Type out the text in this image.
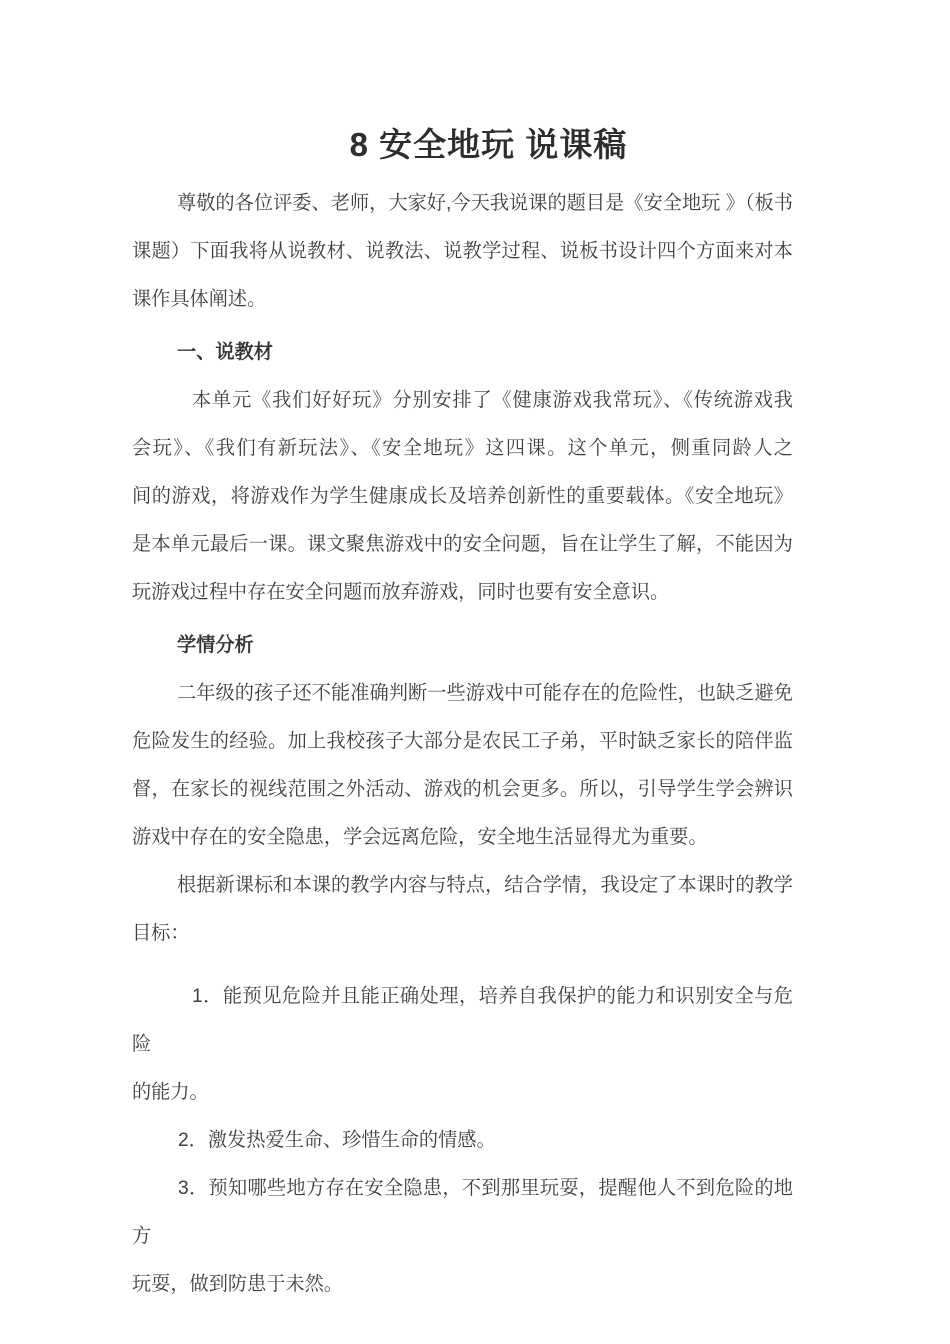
8 安全地玩 说课稿

尊敬的各位评委、老师，大家好,今天我说课的题目是《安全地玩 》（板书

课题）下面我将从说教材、说教法、说教学过程、说板书设计四个方面来对本

课作具体阐述。

一、说教材

本单元《我们好好玩》分别安排了《健康游戏我常玩》、《传统游戏我

会玩》、《我们有新玩法》、《安全地玩》这四课。这个单元，侧重同龄人之

间的游戏，将游戏作为学生健康成长及培养创新性的重要载体。《安全地玩》

是本单元最后一课。课文聚焦游戏中的安全问题，旨在让学生了解，不能因为

玩游戏过程中存在安全问题而放弃游戏，同时也要有安全意识。

学情分析

二年级的孩子还不能准确判断一些游戏中可能存在的危险性，也缺乏避免

危险发生的经验。加上我校孩子大部分是农民工子弟，平时缺乏家长的陪伴监

督，在家长的视线范围之外活动、游戏的机会更多。所以，引导学生学会辨识

游戏中存在的安全隐患，学会远离危险，安全地生活显得尤为重要。

根据新课标和本课的教学内容与特点，结合学情，我设定了本课时的教学

目标：

1．能预见危险并且能正确处理，培养自我保护的能力和识别安全与危险

的能力。

2．激发热爱生命、珍惜生命的情感。

3．预知哪些地方存在安全隐患，不到那里玩耍，提醒他人不到危险的地方

玩耍，做到防患于未然。
